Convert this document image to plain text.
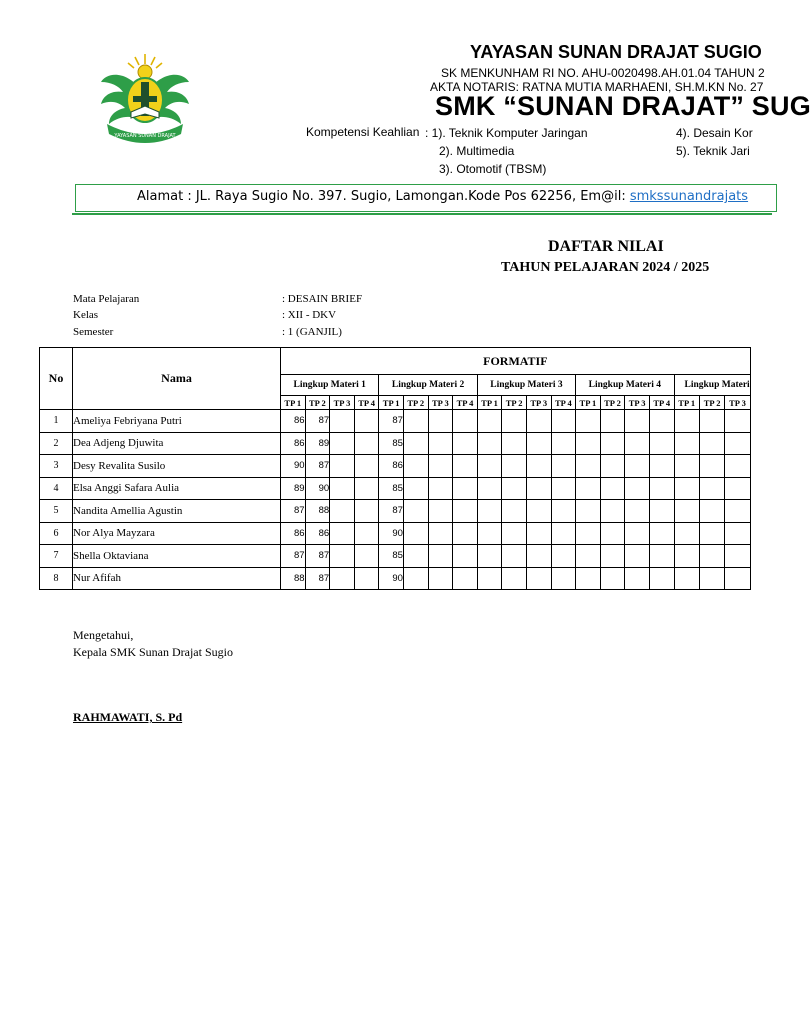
YAYASAN SUNAN DRAJAT
YAYASAN SUNAN DRAJAT SUGIO
SK MENKUNHAM RI NO. AHU-0020498.AH.01.04 TAHUN 2
AKTA NOTARIS: RATNA MUTIA MARHAENI, SH.M.KN No. 27
SMK “SUNAN DRAJAT” SUG
Kompetensi Keahlian : 1). Teknik Komputer Jaringan
2). Multimedia
3). Otomotif (TBSM)
4). Desain Kor
5). Teknik Jari
Alamat : JL. Raya Sugio No. 397. Sugio, Lamongan.Kode Pos 62256, Em@il: smkssunandrajats
DAFTAR NILAI
TAHUN PELAJARAN 2024 / 2025
Mata Pelajaran	: DESAIN BRIEF
Kelas	: XII - DKV
Semester	: 1 (GANJIL)
No	Nama	FORMATIF																		
		Lingkup Materi 1				Lingkup Materi 2				Lingkup Materi 3				Lingkup Materi 4				Lingkup Materi		
		TP 1	TP 2	TP 3	TP 4	TP 1	TP 2	TP 3	TP 4	TP 1	TP 2	TP 3	TP 4	TP 1	TP 2	TP 3	TP 4	TP 1	TP 2	TP 3
1	Ameliya Febriyana Putri	86	87			87														
2	Dea Adjeng Djuwita	86	89			85														
3	Desy Revalita Susilo	90	87			86														
4	Elsa Anggi Safara Aulia	89	90			85														
5	Nandita Amellia Agustin	87	88			87														
6	Nor Alya Mayzara	86	86			90														
7	Shella Oktaviana	87	87			85														
8	Nur Afifah	88	87			90														
Mengetahui,
Kepala SMK Sunan Drajat Sugio
RAHMAWATI, S. Pd
